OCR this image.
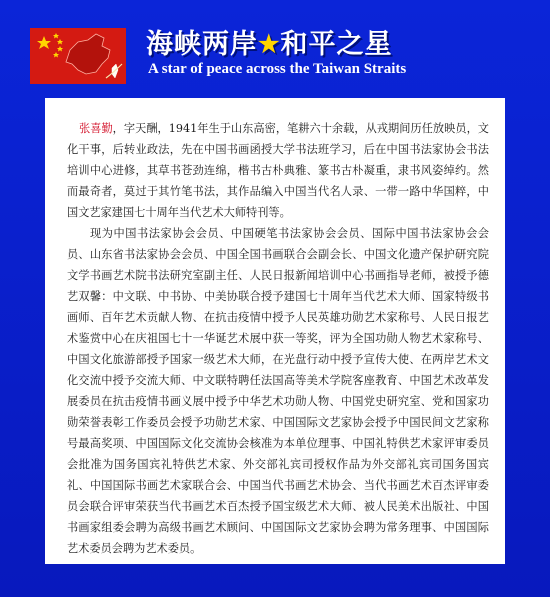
海峡两岸★和平之星
A star of peace across the Taiwan Straits

张喜勤，字天酬，1941年生于山东高密，笔耕六十余载，从戎期间历任放映员，文化干事，后转业政法，先在中国书画函授大学书法班学习，后在中国书法家协会书法培训中心进修，其草书苍劲连绵，楷书古朴典雅、篆书古朴凝重，隶书风姿绰约。然而最奇者，莫过于其竹笔书法，其作品编入中国当代名人录、一带一路中华国粹，中国文艺家建国七十周年当代艺术大师特刊等。

现为中国书法家协会会员、中国硬笔书法家协会会员、国际中国书法家协会会员、山东省书法家协会会员、中国全国书画联合会副会长、中国文化遗产保护研究院文学书画艺术院书法研究室副主任、人民日报新闻培训中心书画指导老师，被授予德艺双馨：中文联、中书协、中美协联合授予建国七十周年当代艺术大师、国家特级书画师、百年艺术贡献人物、在抗击疫情中授予人民英雄功勋艺术家称号、人民日报艺术鉴赏中心在庆祖国七十一华诞艺术展中获一等奖，评为全国功勋人物艺术家称号、中国文化旅游部授予国家一级艺术大师，在光盘行动中授予宣传大使、在两岸艺术文化交流中授予交流大师、中文联特聘任法国高等美术学院客座教育、中国艺术改革发展委员在抗击疫情书画义展中授予中华艺术功勋人物、中国党史研究室、党和国家功勋荣誉表彰工作委员会授予功勋艺术家、中国国际文艺家协会授予中国民间文艺家称号最高奖项、中国国际文化交流协会核准为本单位理事、中国礼特供艺术家评审委员会批准为国务国宾礼特供艺术家、外交部礼宾司授权作品为外交部礼宾司国务国宾礼、中国国际书画艺术家联合会、中国当代书画艺术协会、当代书画艺术百杰评审委员会联合评审荣获当代书画艺术百杰授予国宝级艺术大师、被人民美术出版社、中国书画家组委会聘为高级书画艺术顾问、中国国际文艺家协会聘为常务理事、中国国际艺术委员会聘为艺术委员。
